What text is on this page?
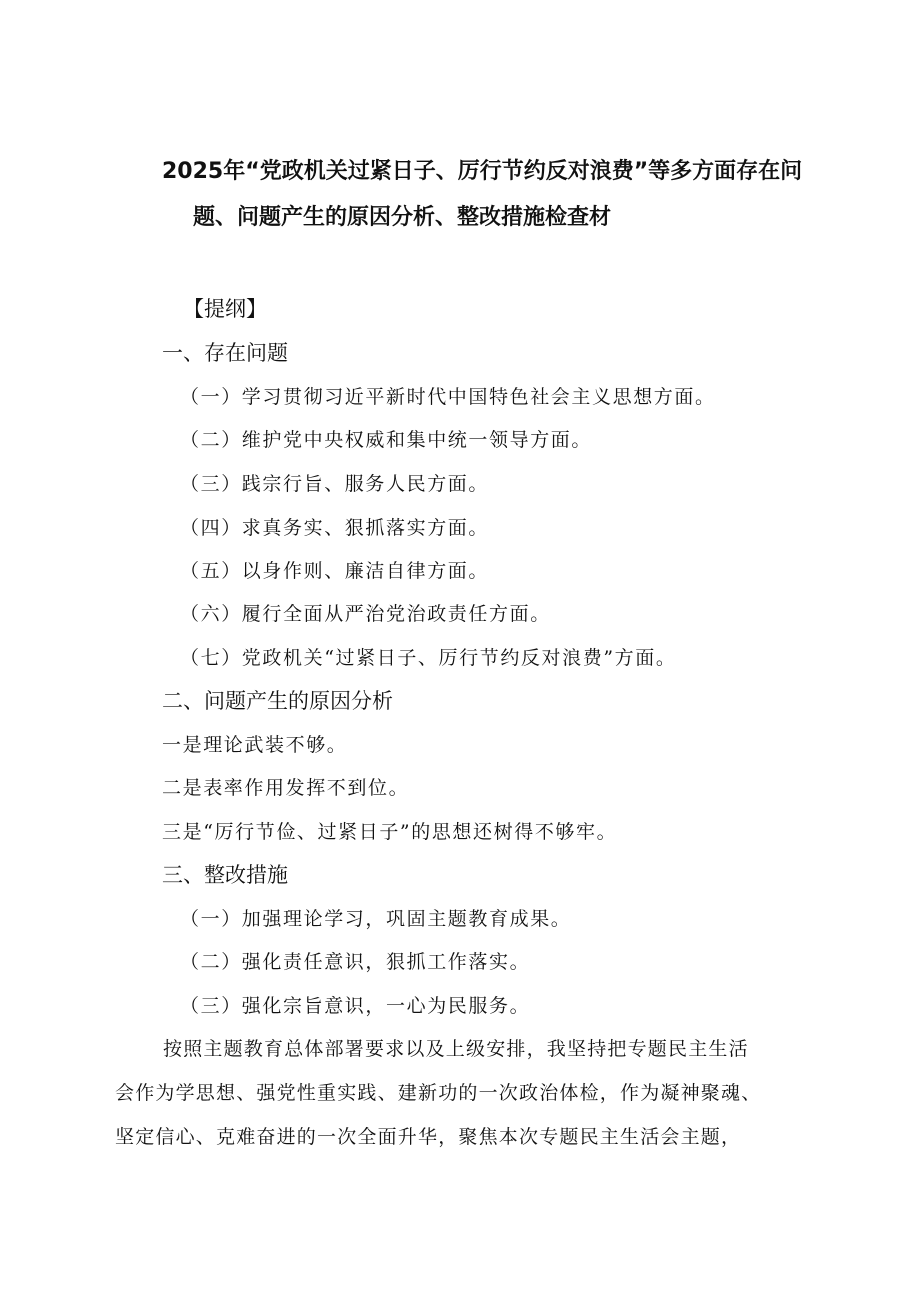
2025年“党政机关过紧日子、厉行节约反对浪费”等多方面存在问
题、问题产生的原因分析、整改措施检查材
【提纲】
一、存在问题
（一）学习贯彻习近平新时代中国特色社会主义思想方面。
（二）维护党中央权威和集中统一领导方面。
（三）践宗行旨、服务人民方面。
（四）求真务实、狠抓落实方面。
（五）以身作则、廉洁自律方面。
（六）履行全面从严治党治政责任方面。
（七）党政机关“过紧日子、厉行节约反对浪费”方面。
二、问题产生的原因分析
一是理论武装不够。
二是表率作用发挥不到位。
三是“厉行节俭、过紧日子”的思想还树得不够牢。
三、整改措施
（一）加强理论学习，巩固主题教育成果。
（二）强化责任意识，狠抓工作落实。
（三）强化宗旨意识，一心为民服务。
按照主题教育总体部署要求以及上级安排，我坚持把专题民主生活
会作为学思想、强党性重实践、建新功的一次政治体检，作为凝神聚魂、
坚定信心、克难奋进的一次全面升华，聚焦本次专题民主生活会主题，
